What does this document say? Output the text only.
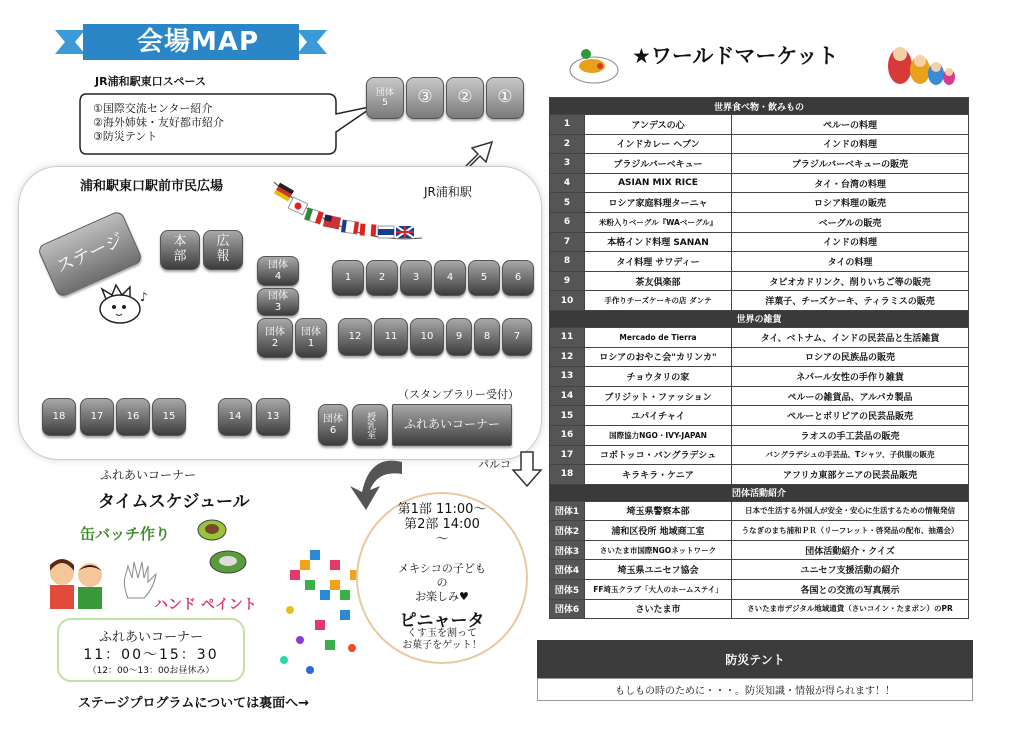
会場MAP
JR浦和駅東口スペース
①国際交流センター紹介
②海外姉妹・友好都市紹介
③防災テント
団体
5	③	②	①
浦和駅東口駅前市民広場	JR浦和駅
ステージ	本
部
広
報
♪
団体
4
団体
3
団体
2
団体
1
1	2	3	4	5	6
12	11	10	9	8	7
18	17	16	15	14	13	団体
6	授乳室
（スタンプラリー受付）
ふれあいコーナー
パルコ
ふれあいコーナー
タイムスケジュール
缶バッチ作り
ハンド ペイント
ふれあいコーナー
11：00〜15：30
（12：00〜13：00お昼休み）
ステージプログラムについては裏面へ→
第1部 11:00〜
第2部 14:00
〜
メキシコの子ども
の
お楽しみ♥
ピニャータ
くす玉を割って
お菓子をゲット！
★ワールドマーケット
世界食べ物・飲みもの		
1	アンデスの心	ペルーの料理
2	インドカレー ヘブン	インドの料理
3	ブラジルバーベキュー	ブラジルバーベキューの販売
4	ASIAN MIX RICE	タイ・台湾の料理
5	ロシア家庭料理ターニャ	ロシア料理の販売
6	米粉入りベーグル『WAベーグル』	ベーグルの販売
7	本格インド料理 SANAN	インドの料理
8	タイ料理 サワディー	タイの料理
9	茶友倶楽部	タピオカドリンク、削りいちご等の販売
10	手作りチーズケーキの店 ダンテ	洋菓子、チーズケーキ、ティラミスの販売
世界の雑貨		
11	Mercado de Tierra	タイ、ベトナム、インドの民芸品と生活雑貨
12	ロシアのおやこ会"カリンカ"	ロシアの民族品の販売
13	チョウタリの家	ネパール女性の手作り雑貨
14	ブリジット・ファッション	ペルーの雑貨品、アルパカ製品
15	ユパイチャイ	ペルーとボリビアの民芸品販売
16	国際協力NGO・IVY-JAPAN	ラオスの手工芸品の販売
17	コボトッコ・バングラデシュ	バングラデシュの手芸品、Tシャツ、子供服の販売
18	キラキラ・ケニア	アフリカ東部ケニアの民芸品販売
団体活動紹介		
団体1	埼玉県警察本部	日本で生活する外国人が安全・安心に生活するための情報発信
団体2	浦和区役所 地域商工室	うなぎのまち浦和ＰＲ（リーフレット・啓発品の配布、抽選会）
団体3	さいたま市国際NGOネットワーク	団体活動紹介・クイズ
団体4	埼玉県ユニセフ協会	ユニセフ支援活動の紹介
団体5	FF埼玉クラブ「大人のホームステイ」	各国との交流の写真展示
団体6	さいたま市	さいたま市デジタル地域通貨（さいコイン・たまポン）のPR
防災テント
もしもの時のために・・・。防災知識・情報が得られます！！
